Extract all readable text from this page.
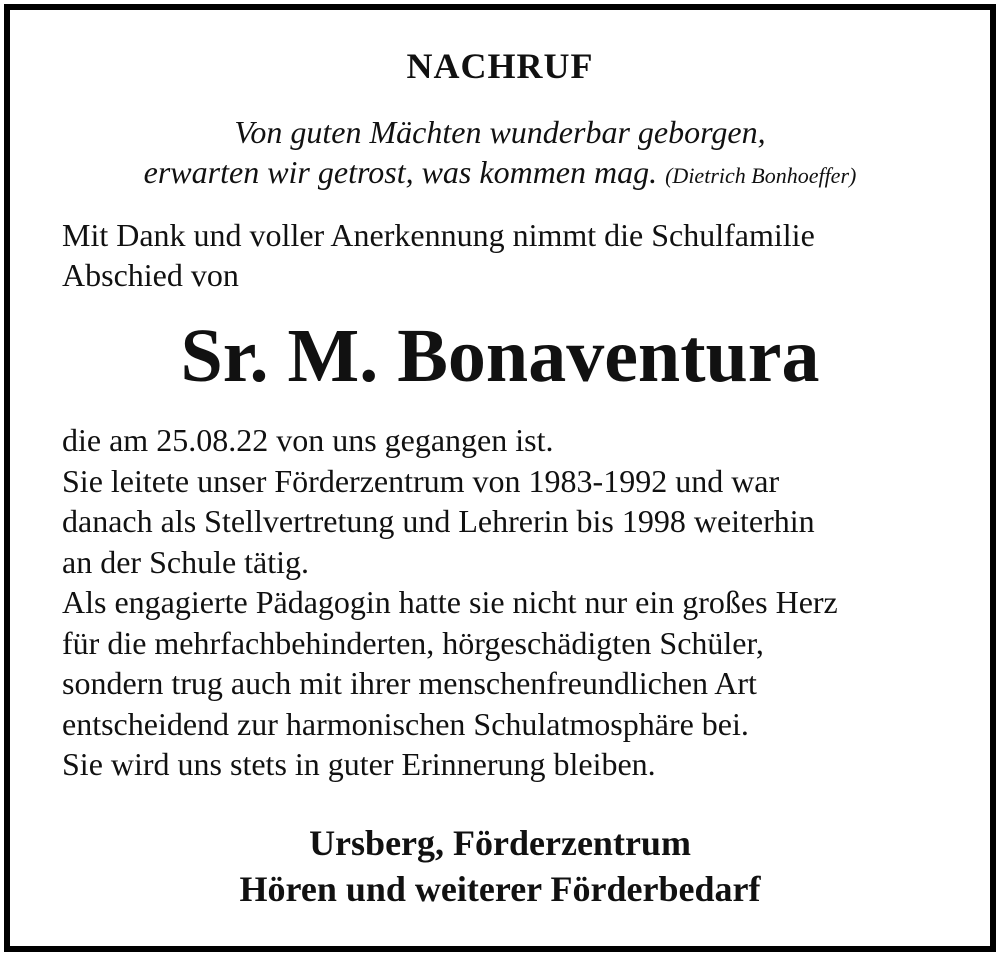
NACHRUF
Von guten Mächten wunderbar geborgen,
erwarten wir getrost, was kommen mag. (Dietrich Bonhoeffer)
Mit Dank und voller Anerkennung nimmt die Schulfamilie
Abschied von
Sr. M. Bonaventura
die am 25.08.22 von uns gegangen ist.
Sie leitete unser Förderzentrum von 1983-1992 und war
danach als Stellvertretung und Lehrerin bis 1998 weiterhin
an der Schule tätig.
Als engagierte Pädagogin hatte sie nicht nur ein großes Herz
für die mehrfachbehinderten, hörgeschädigten Schüler,
sondern trug auch mit ihrer menschenfreundlichen Art
entscheidend zur harmonischen Schulatmosphäre bei.
Sie wird uns stets in guter Erinnerung bleiben.
Ursberg, Förderzentrum
Hören und weiterer Förderbedarf
